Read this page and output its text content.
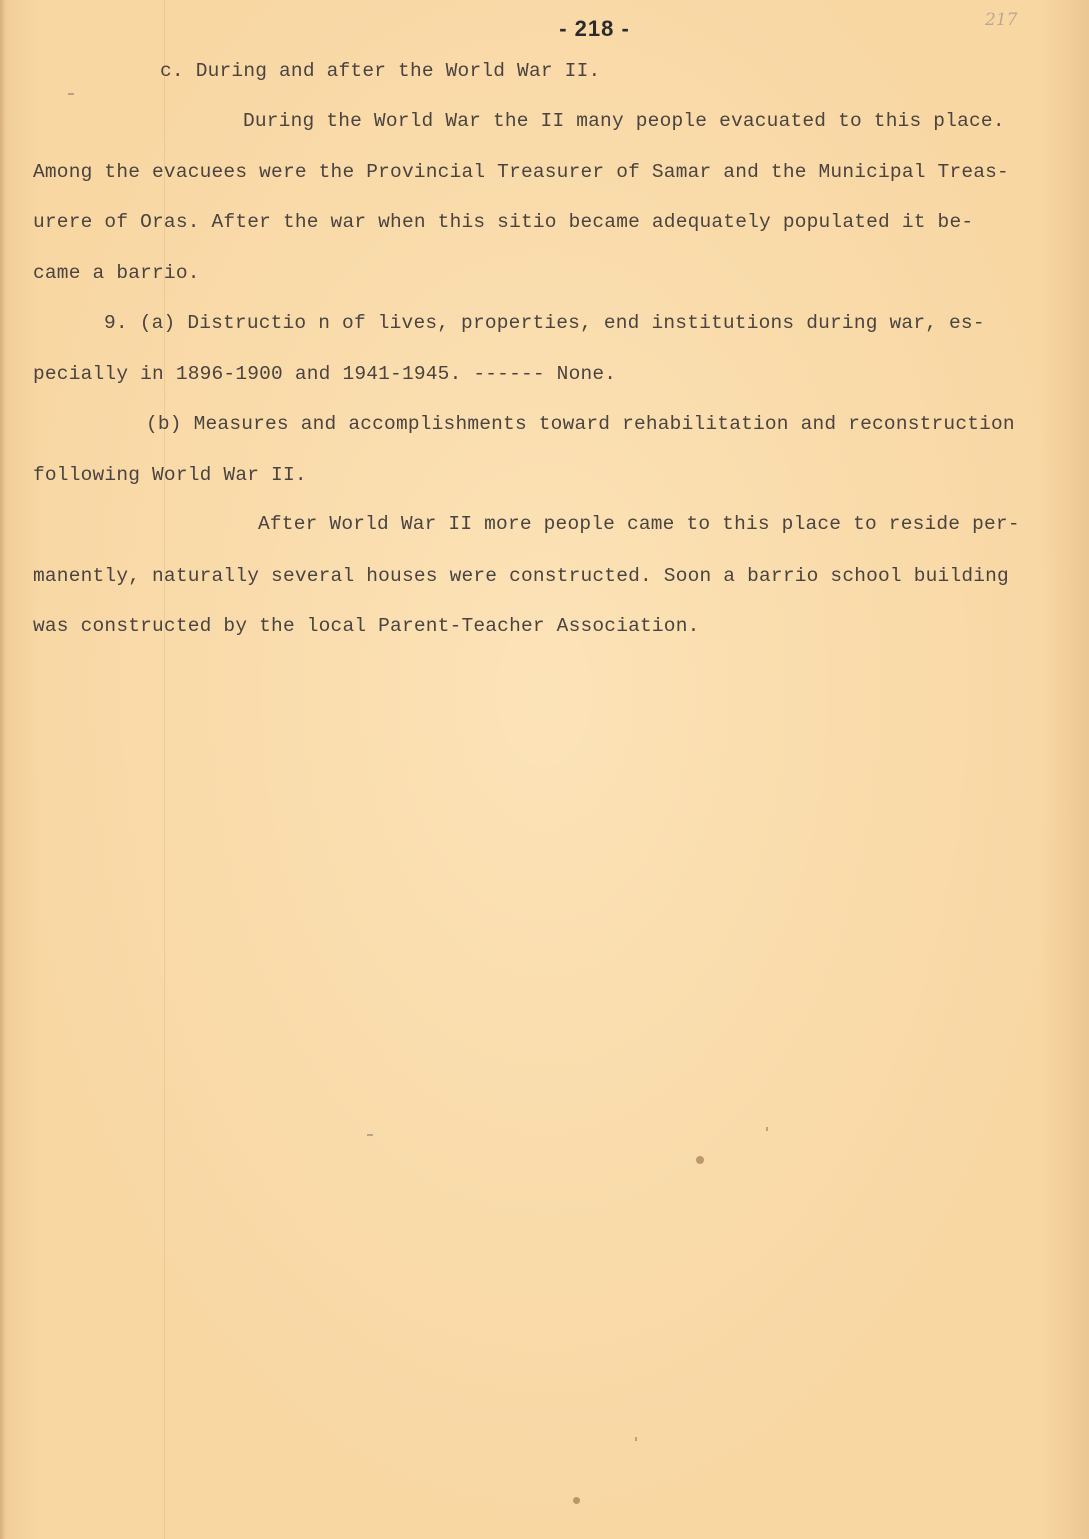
- 218 -	217
c. During and after the World War II.
During the World War the II many people evacuated to this place.
Among the evacuees were the Provincial Treasurer of Samar and the Municipal Treas-
urere of Oras. After the war when this sitio became adequately populated it be-
came a barrio.
9. (a) Distructio n of lives, properties, end institutions during war, es-
pecially in 1896-1900 and 1941-1945. ------ None.
(b) Measures and accomplishments toward rehabilitation and reconstruction
following World War II.
After World War II more people came to this place to reside per-
manently, naturally several houses were constructed. Soon a barrio school building
was constructed by the local Parent-Teacher Association.
